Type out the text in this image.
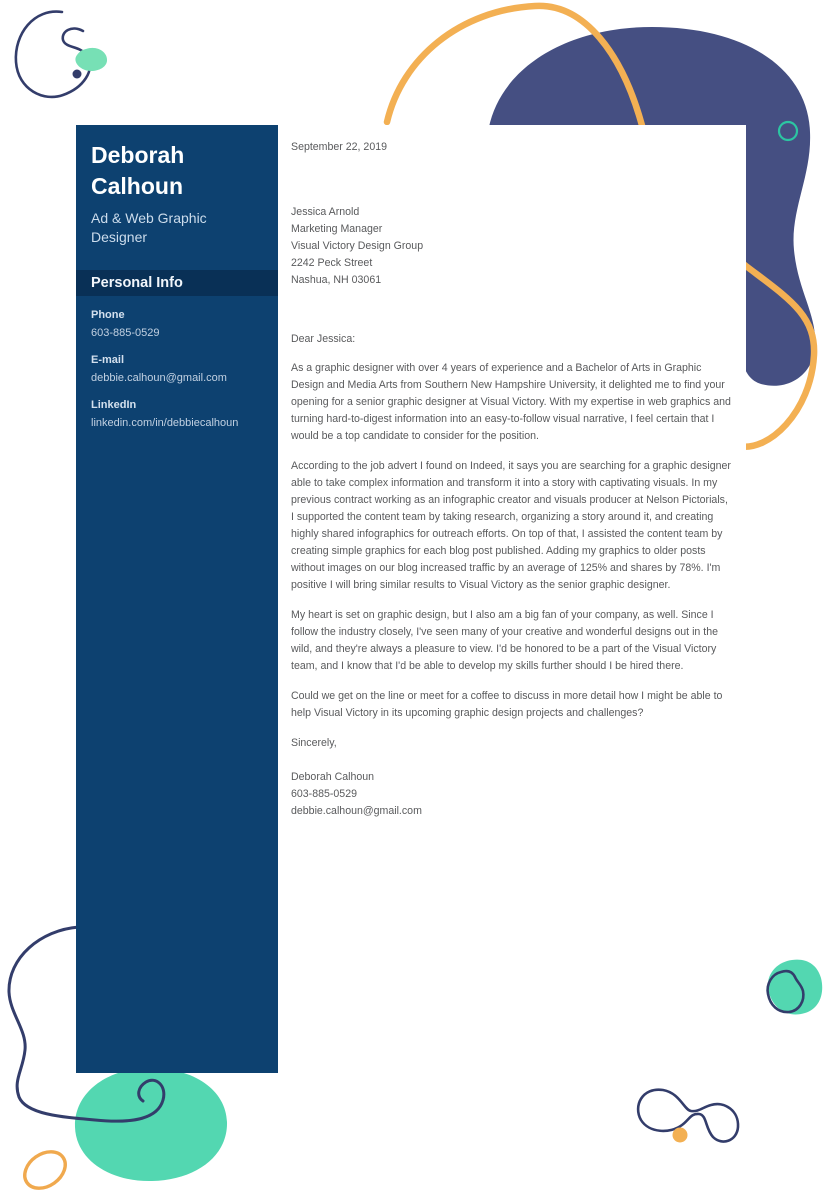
Deborah Calhoun
Ad & Web Graphic Designer
Personal Info
Phone
603-885-0529
E-mail
debbie.calhoun@gmail.com
LinkedIn
linkedin.com/in/debbiecalhoun
September 22, 2019
Jessica Arnold
Marketing Manager
Visual Victory Design Group
2242 Peck Street
Nashua, NH 03061
Dear Jessica:

As a graphic designer with over 4 years of experience and a Bachelor of Arts in Graphic Design and Media Arts from Southern New Hampshire University, it delighted me to find your opening for a senior graphic designer at Visual Victory. With my expertise in web graphics and turning hard-to-digest information into an easy-to-follow visual narrative, I feel certain that I would be a top candidate to consider for the position.

According to the job advert I found on Indeed, it says you are searching for a graphic designer able to take complex information and transform it into a story with captivating visuals. In my previous contract working as an infographic creator and visuals producer at Nelson Pictorials, I supported the content team by taking research, organizing a story around it, and creating highly shared infographics for outreach efforts. On top of that, I assisted the content team by creating simple graphics for each blog post published. Adding my graphics to older posts without images on our blog increased traffic by an average of 125% and shares by 78%. I'm positive I will bring similar results to Visual Victory as the senior graphic designer.

My heart is set on graphic design, but I also am a big fan of your company, as well. Since I follow the industry closely, I've seen many of your creative and wonderful designs out in the wild, and they're always a pleasure to view. I'd be honored to be a part of the Visual Victory team, and I know that I'd be able to develop my skills further should I be hired there.

Could we get on the line or meet for a coffee to discuss in more detail how I might be able to help Visual Victory in its upcoming graphic design projects and challenges?

Sincerely,
Deborah Calhoun
603-885-0529
debbie.calhoun@gmail.com
